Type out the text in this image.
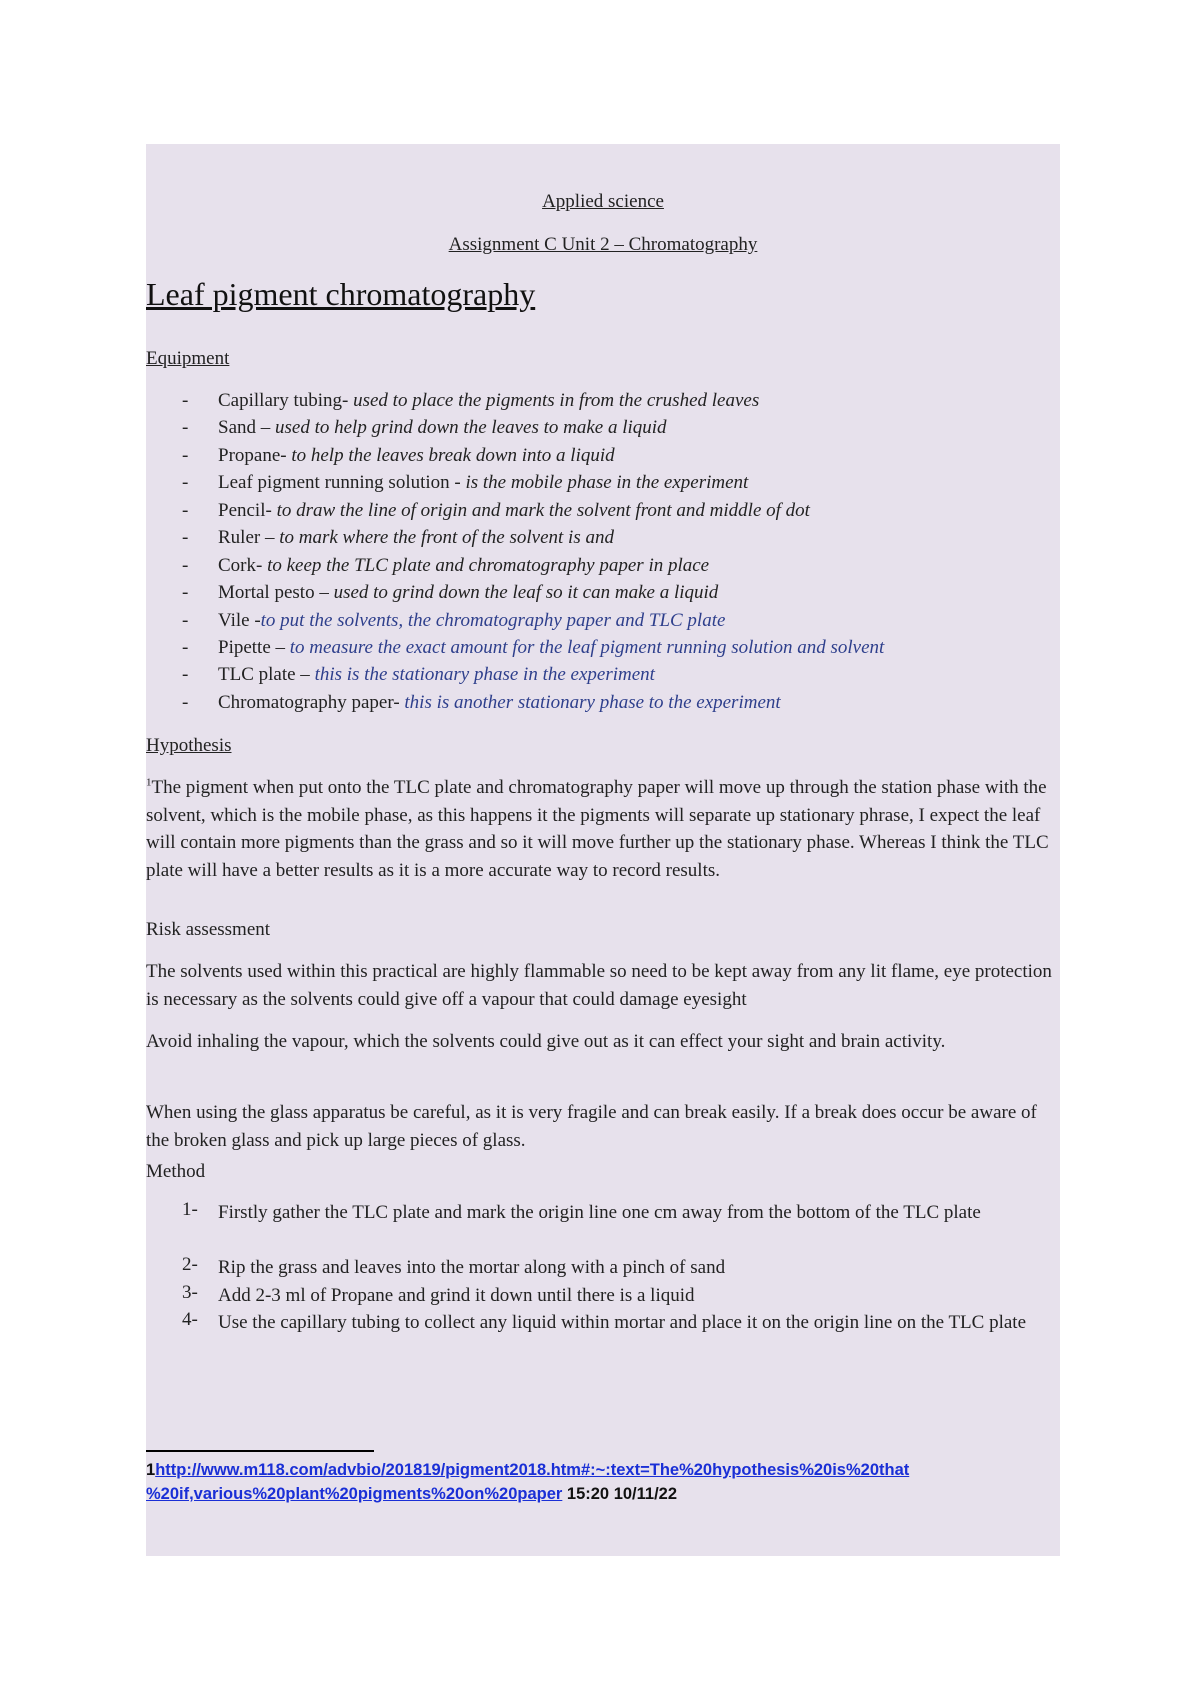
Applied science
Assignment C Unit 2 – Chromatography
Leaf pigment chromatography
Equipment
- Capillary tubing- used to place the pigments in from the crushed leaves
- Sand – used to help grind down the leaves to make a liquid
- Propane- to help the leaves break down into a liquid
- Leaf pigment running solution - is the mobile phase in the experiment
- Pencil- to draw the line of origin and mark the solvent front and middle of dot
- Ruler – to mark where the front of the solvent is and
- Cork- to keep the TLC plate and chromatography paper in place
- Mortal pesto – used to grind down the leaf so it can make a liquid
- Vile -to put the solvents, the chromatography paper and TLC plate
- Pipette – to measure the exact amount for the leaf pigment running solution and solvent
- TLC plate – this is the stationary phase in the experiment
- Chromatography paper- this is another stationary phase to the experiment
Hypothesis
$^1$The pigment when put onto the TLC plate and chromatography paper will move up through the station phase with the solvent, which is the mobile phase, as this happens it the pigments will separate up stationary phrase, I expect the leaf will contain more pigments than the grass and so it will move further up the stationary phase. Whereas I think the TLC plate will have a better results as it is a more accurate way to record results.
Risk assessment
The solvents used within this practical are highly flammable so need to be kept away from any lit flame, eye protection is necessary as the solvents could give off a vapour that could damage eyesight
Avoid inhaling the vapour, which the solvents could give out as it can effect your sight and brain activity.
When using the glass apparatus be careful, as it is very fragile and can break easily. If a break does occur be aware of the broken glass and pick up large pieces of glass.
Method
1- Firstly gather the TLC plate and mark the origin line one cm away from the bottom of the TLC plate
2- Rip the grass and leaves into the mortar along with a pinch of sand
3- Add 2-3 ml of Propane and grind it down until there is a liquid
4- Use the capillary tubing to collect any liquid within mortar and place it on the origin line on the TLC plate
1http://www.m118.com/advbio/201819/pigment2018.htm#:~:text=The%20hypothesis%20is%20that
%20if,various%20plant%20pigments%20on%20paper 15:20 10/11/22
